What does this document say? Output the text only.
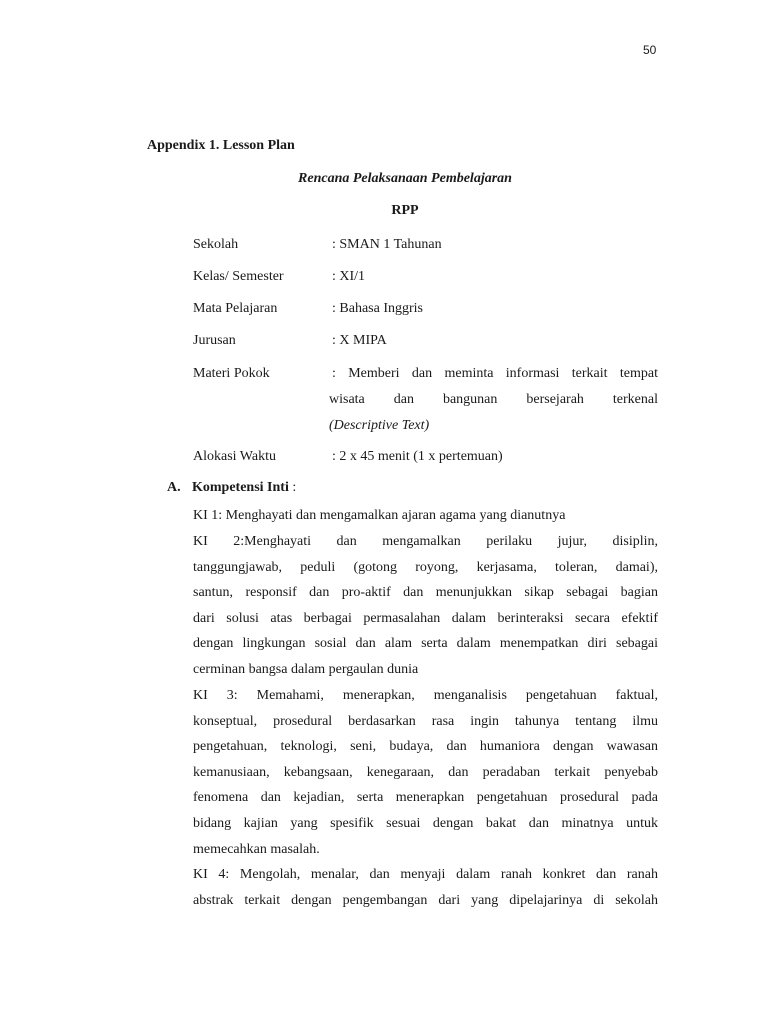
50
Appendix 1. Lesson Plan
Rencana Pelaksanaan Pembelajaran
RPP
Sekolah	: SMAN 1 Tahunan
Kelas/ Semester	: XI/1
Mata Pelajaran	: Bahasa Inggris
Jurusan	: X MIPA
Materi Pokok	: Memberi dan meminta informasi terkait tempat
wisata dan bangunan bersejarah terkenal
(Descriptive Text)
Alokasi Waktu	: 2 x 45 menit (1 x pertemuan)
A. Kompetensi Inti :
KI 1: Menghayati dan mengamalkan ajaran agama yang dianutnya
KI 2:Menghayati dan mengamalkan perilaku jujur, disiplin,
tanggungjawab, peduli (gotong royong, kerjasama, toleran, damai),
santun, responsif dan pro-aktif dan menunjukkan sikap sebagai bagian
dari solusi atas berbagai permasalahan dalam berinteraksi secara efektif
dengan lingkungan sosial dan alam serta dalam menempatkan diri sebagai
cerminan bangsa dalam pergaulan dunia
KI 3: Memahami, menerapkan, menganalisis pengetahuan faktual,
konseptual, prosedural berdasarkan rasa ingin tahunya tentang ilmu
pengetahuan, teknologi, seni, budaya, dan humaniora dengan wawasan
kemanusiaan, kebangsaan, kenegaraan, dan peradaban terkait penyebab
fenomena dan kejadian, serta menerapkan pengetahuan prosedural pada
bidang kajian yang spesifik sesuai dengan bakat dan minatnya untuk
memecahkan masalah.
KI 4: Mengolah, menalar, dan menyaji dalam ranah konkret dan ranah
abstrak terkait dengan pengembangan dari yang dipelajarinya di sekolah
